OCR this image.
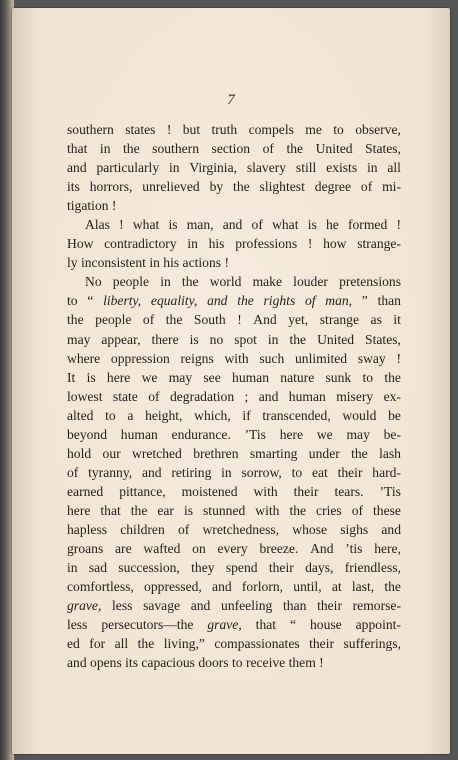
7
southern states ! but truth compels me to observe,
that in the southern section of the United States,
and particularly in Virginia, slavery still exists in all
its horrors, unrelieved by the slightest degree of mi-
tigation !
Alas ! what is man, and of what is he formed !
How contradictory in his professions ! how strange-
ly inconsistent in his actions !
No people in the world make louder pretensions
to “ liberty, equality, and the rights of man, ” than
the people of the South ! And yet, strange as it
may appear, there is no spot in the United States,
where oppression reigns with such unlimited sway !
It is here we may see human nature sunk to the
lowest state of degradation ; and human misery ex-
alted to a height, which, if transcended, would be
beyond human endurance. ’Tis here we may be-
hold our wretched brethren smarting under the lash
of tyranny, and retiring in sorrow, to eat their hard-
earned pittance, moistened with their tears. ’Tis
here that the ear is stunned with the cries of these
hapless children of wretchedness, whose sighs and
groans are wafted on every breeze. And ’tis here,
in sad succession, they spend their days, friendless,
comfortless, oppressed, and forlorn, until, at last, the
grave, less savage and unfeeling than their remorse-
less persecutors—the grave, that “ house appoint-
ed for all the living,” compassionates their sufferings,
and opens its capacious doors to receive them !
